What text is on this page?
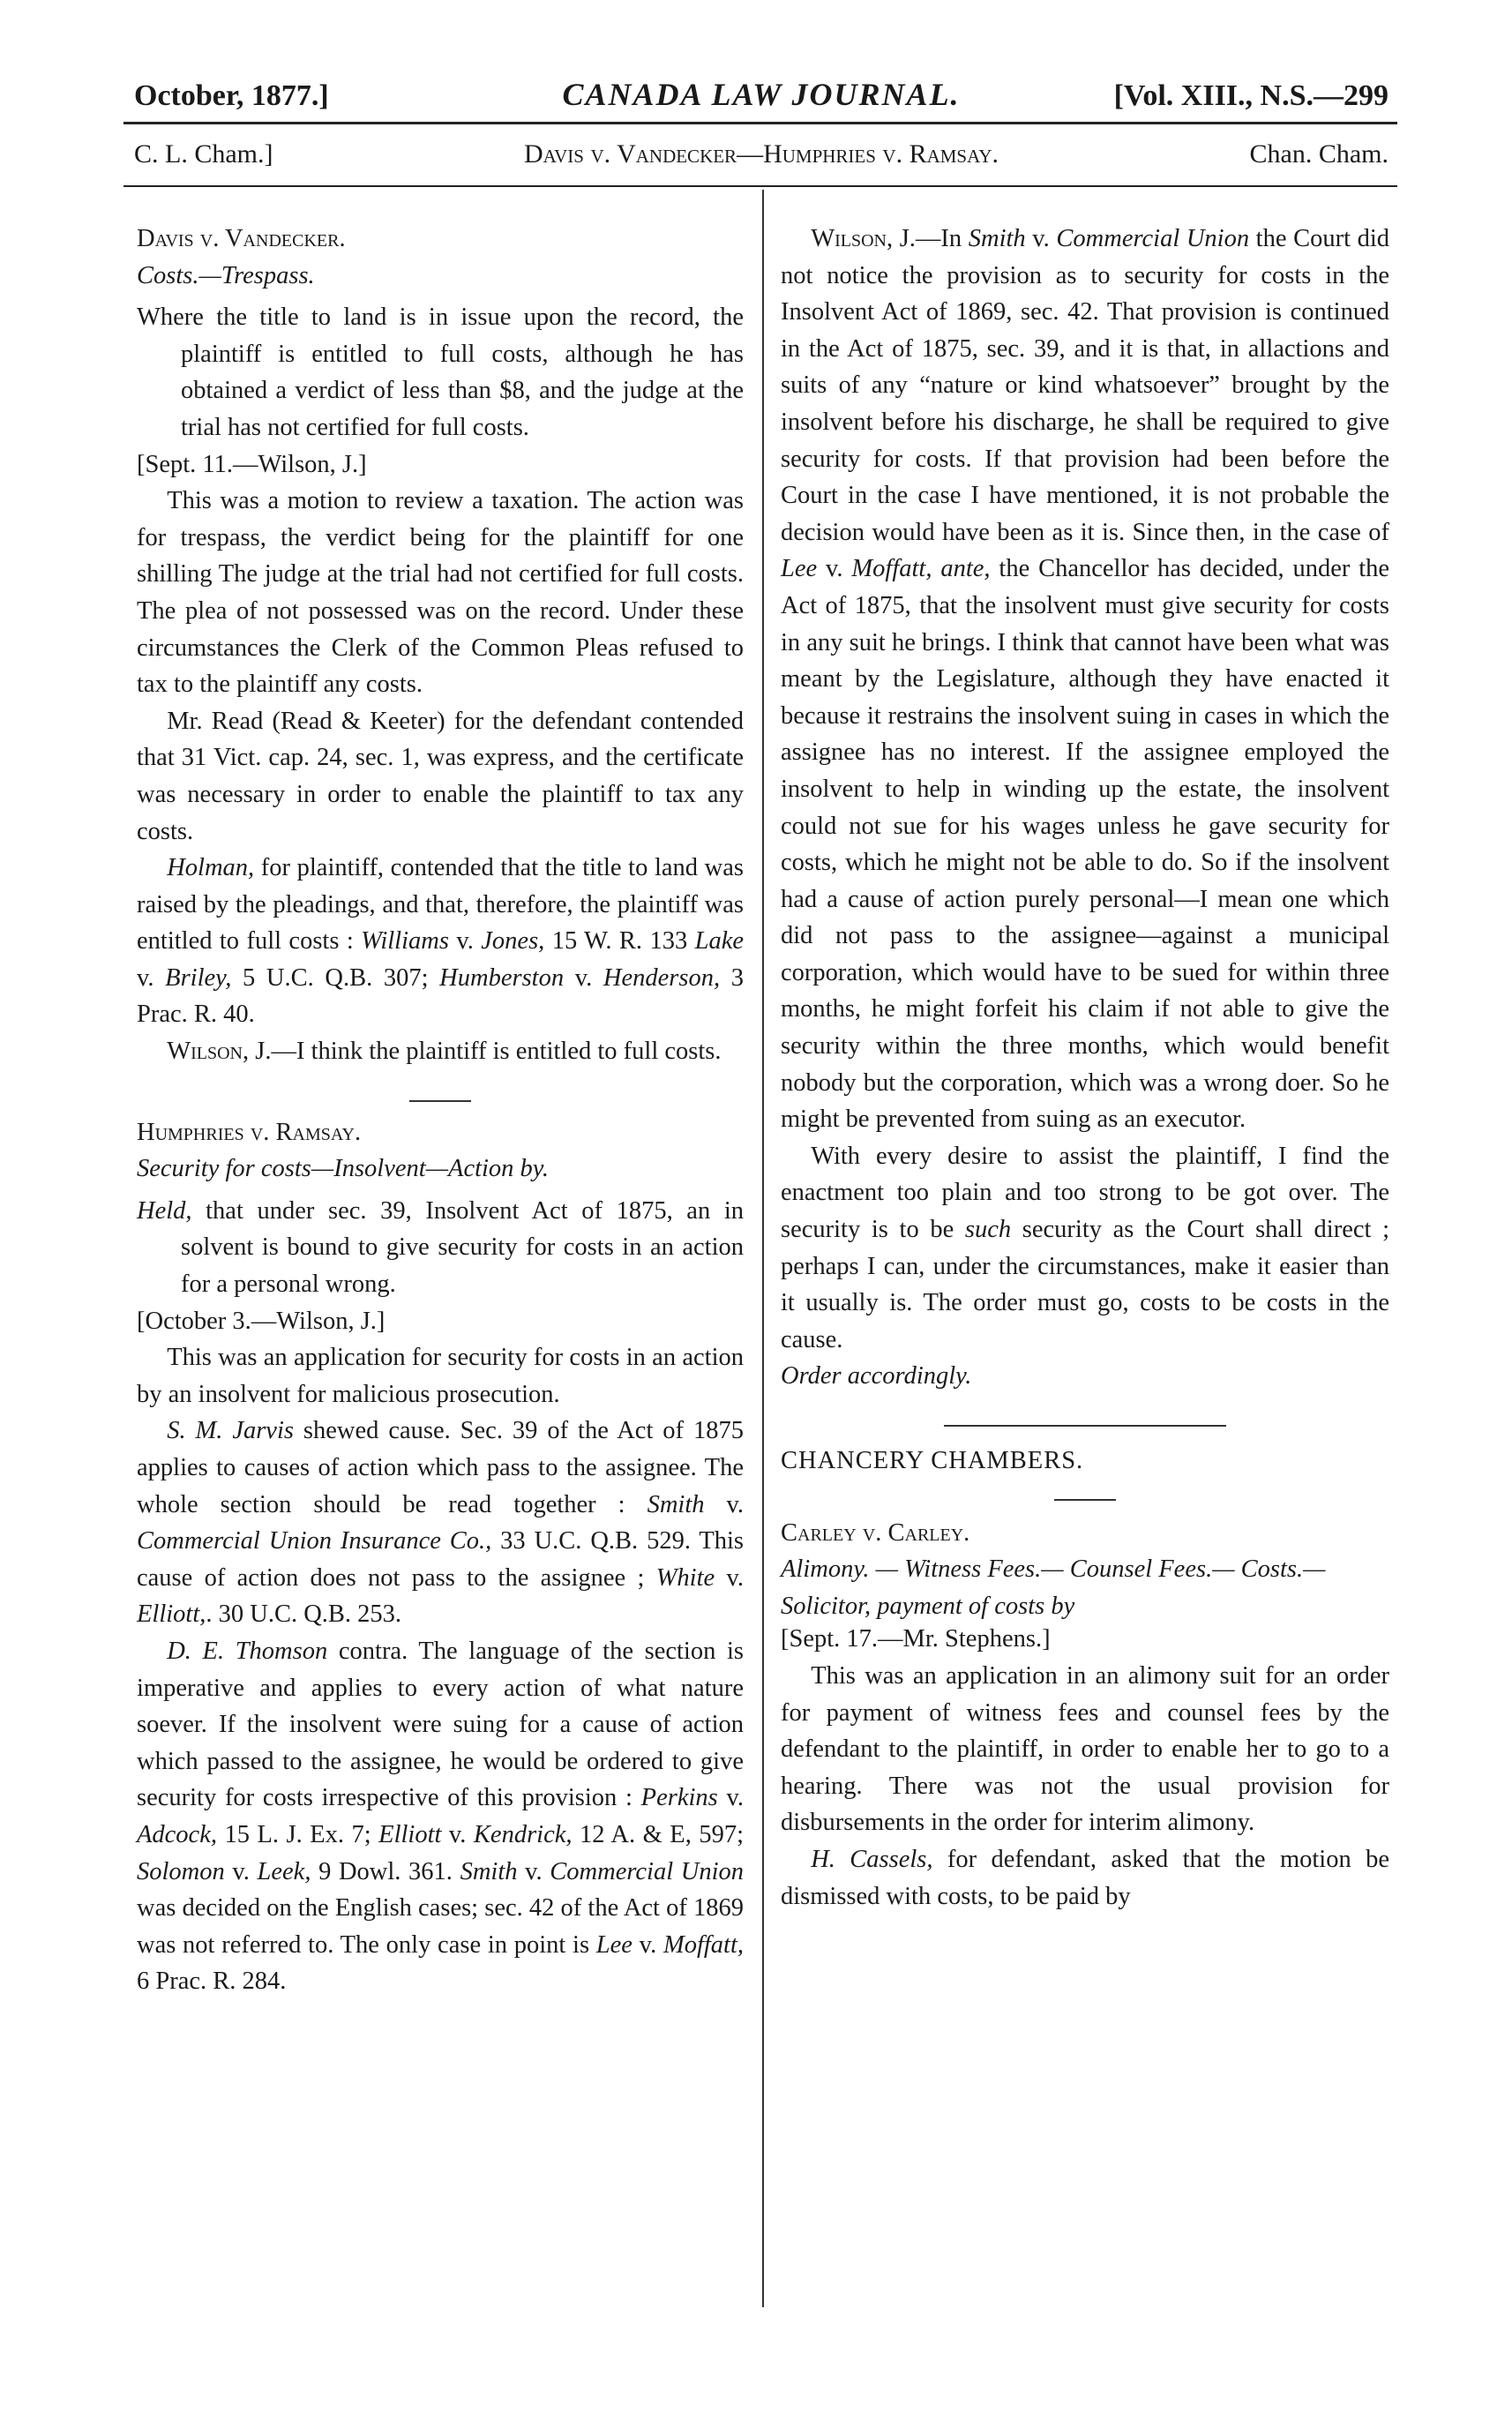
October, 1877.]	CANADA LAW JOURNAL.	[Vol. XIII., N.S.—299
C. L. Cham.]	Davis v. Vandecker—Humphries v. Ramsay.	Chan. Cham.

Davis v. Vandecker.

Costs.—Trespass.

Where the title to land is in issue upon the record, the plaintiff is entitled to full costs, although he has obtained a verdict of less than $8, and the judge at the trial has not certified for full costs.

[Sept. 11.—Wilson, J.]

This was a motion to review a taxation. The action was for trespass, the verdict being for the plaintiff for one shilling The judge at the trial had not certified for full costs. The plea of not possessed was on the record. Under these circumstances the Clerk of the Common Pleas refused to tax to the plaintiff any costs.

Mr. Read (Read & Keeter) for the defendant contended that 31 Vict. cap. 24, sec. 1, was express, and the certificate was necessary in order to enable the plaintiff to tax any costs.

Holman, for plaintiff, contended that the title to land was raised by the pleadings, and that, therefore, the plaintiff was entitled to full costs : Williams v. Jones, 15 W. R. 133 Lake v. Briley, 5 U.C. Q.B. 307; Humberston v. Henderson, 3 Prac. R. 40.

Wilson, J.—I think the plaintiff is entitled to full costs.

Humphries v. Ramsay.

Security for costs—Insolvent—Action by.

Held, that under sec. 39, Insolvent Act of 1875, an in solvent is bound to give security for costs in an action for a personal wrong.

[October 3.—Wilson, J.]

This was an application for security for costs in an action by an insolvent for malicious prosecution.

S. M. Jarvis shewed cause. Sec. 39 of the Act of 1875 applies to causes of action which pass to the assignee. The whole section should be read together : Smith v. Commercial Union Insurance Co., 33 U.C. Q.B. 529. This cause of action does not pass to the assignee ; White v. Elliott,. 30 U.C. Q.B. 253.

D. E. Thomson contra. The language of the section is imperative and applies to every action of what nature soever. If the insolvent were suing for a cause of action which passed to the assignee, he would be ordered to give security for costs irrespective of this provision : Perkins v. Adcock, 15 L. J. Ex. 7; Elliott v. Kendrick, 12 A. & E, 597; Solomon v. Leek, 9 Dowl. 361. Smith v. Commercial Union was decided on the English cases; sec. 42 of the Act of 1869 was not referred to. The only case in point is Lee v. Moffatt, 6 Prac. R. 284.

Wilson, J.—In Smith v. Commercial Union the Court did not notice the provision as to security for costs in the Insolvent Act of 1869, sec. 42. That provision is continued in the Act of 1875, sec. 39, and it is that, in allactions and suits of any “nature or kind whatsoever” brought by the insolvent before his discharge, he shall be required to give security for costs. If that provision had been before the Court in the case I have mentioned, it is not probable the decision would have been as it is. Since then, in the case of Lee v. Moffatt, ante, the Chancellor has decided, under the Act of 1875, that the insolvent must give security for costs in any suit he brings. I think that cannot have been what was meant by the Legislature, although they have enacted it because it restrains the insolvent suing in cases in which the assignee has no interest. If the assignee employed the insolvent to help in winding up the estate, the insolvent could not sue for his wages unless he gave security for costs, which he might not be able to do. So if the insolvent had a cause of action purely personal—I mean one which did not pass to the assignee—against a municipal corporation, which would have to be sued for within three months, he might forfeit his claim if not able to give the security within the three months, which would benefit nobody but the corporation, which was a wrong doer. So he might be prevented from suing as an executor.

With every desire to assist the plaintiff, I find the enactment too plain and too strong to be got over. The security is to be such security as the Court shall direct ; perhaps I can, under the circumstances, make it easier than it usually is. The order must go, costs to be costs in the cause.

Order accordingly.

CHANCERY CHAMBERS.

Carley v. Carley.

Alimony. — Witness Fees.— Counsel Fees.— Costs.—

Solicitor, payment of costs by

[Sept. 17.—Mr. Stephens.]

This was an application in an alimony suit for an order for payment of witness fees and counsel fees by the defendant to the plaintiff, in order to enable her to go to a hearing. There was not the usual provision for disbursements in the order for interim alimony.

H. Cassels, for defendant, asked that the motion be dismissed with costs, to be paid by
